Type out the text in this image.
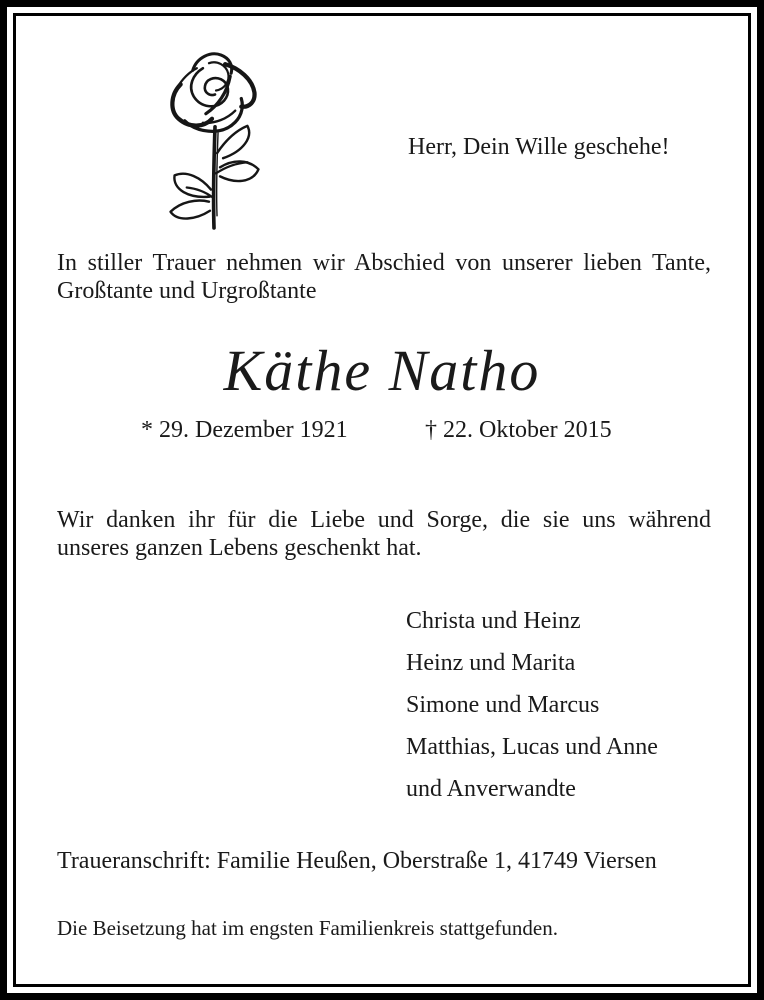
Herr, Dein Wille geschehe!
In stiller Trauer nehmen wir Abschied von unserer lieben Tante,
Großtante und Urgroßtante
Käthe Natho
* 29. Dezember 1921	† 22. Oktober 2015
Wir danken ihr für die Liebe und Sorge, die sie uns während
unseres ganzen Lebens geschenkt hat.
Christa und Heinz
Heinz und Marita
Simone und Marcus
Matthias, Lucas und Anne
und Anverwandte
Traueranschrift: Familie Heußen, Oberstraße 1, 41749 Viersen
Die Beisetzung hat im engsten Familienkreis stattgefunden.
